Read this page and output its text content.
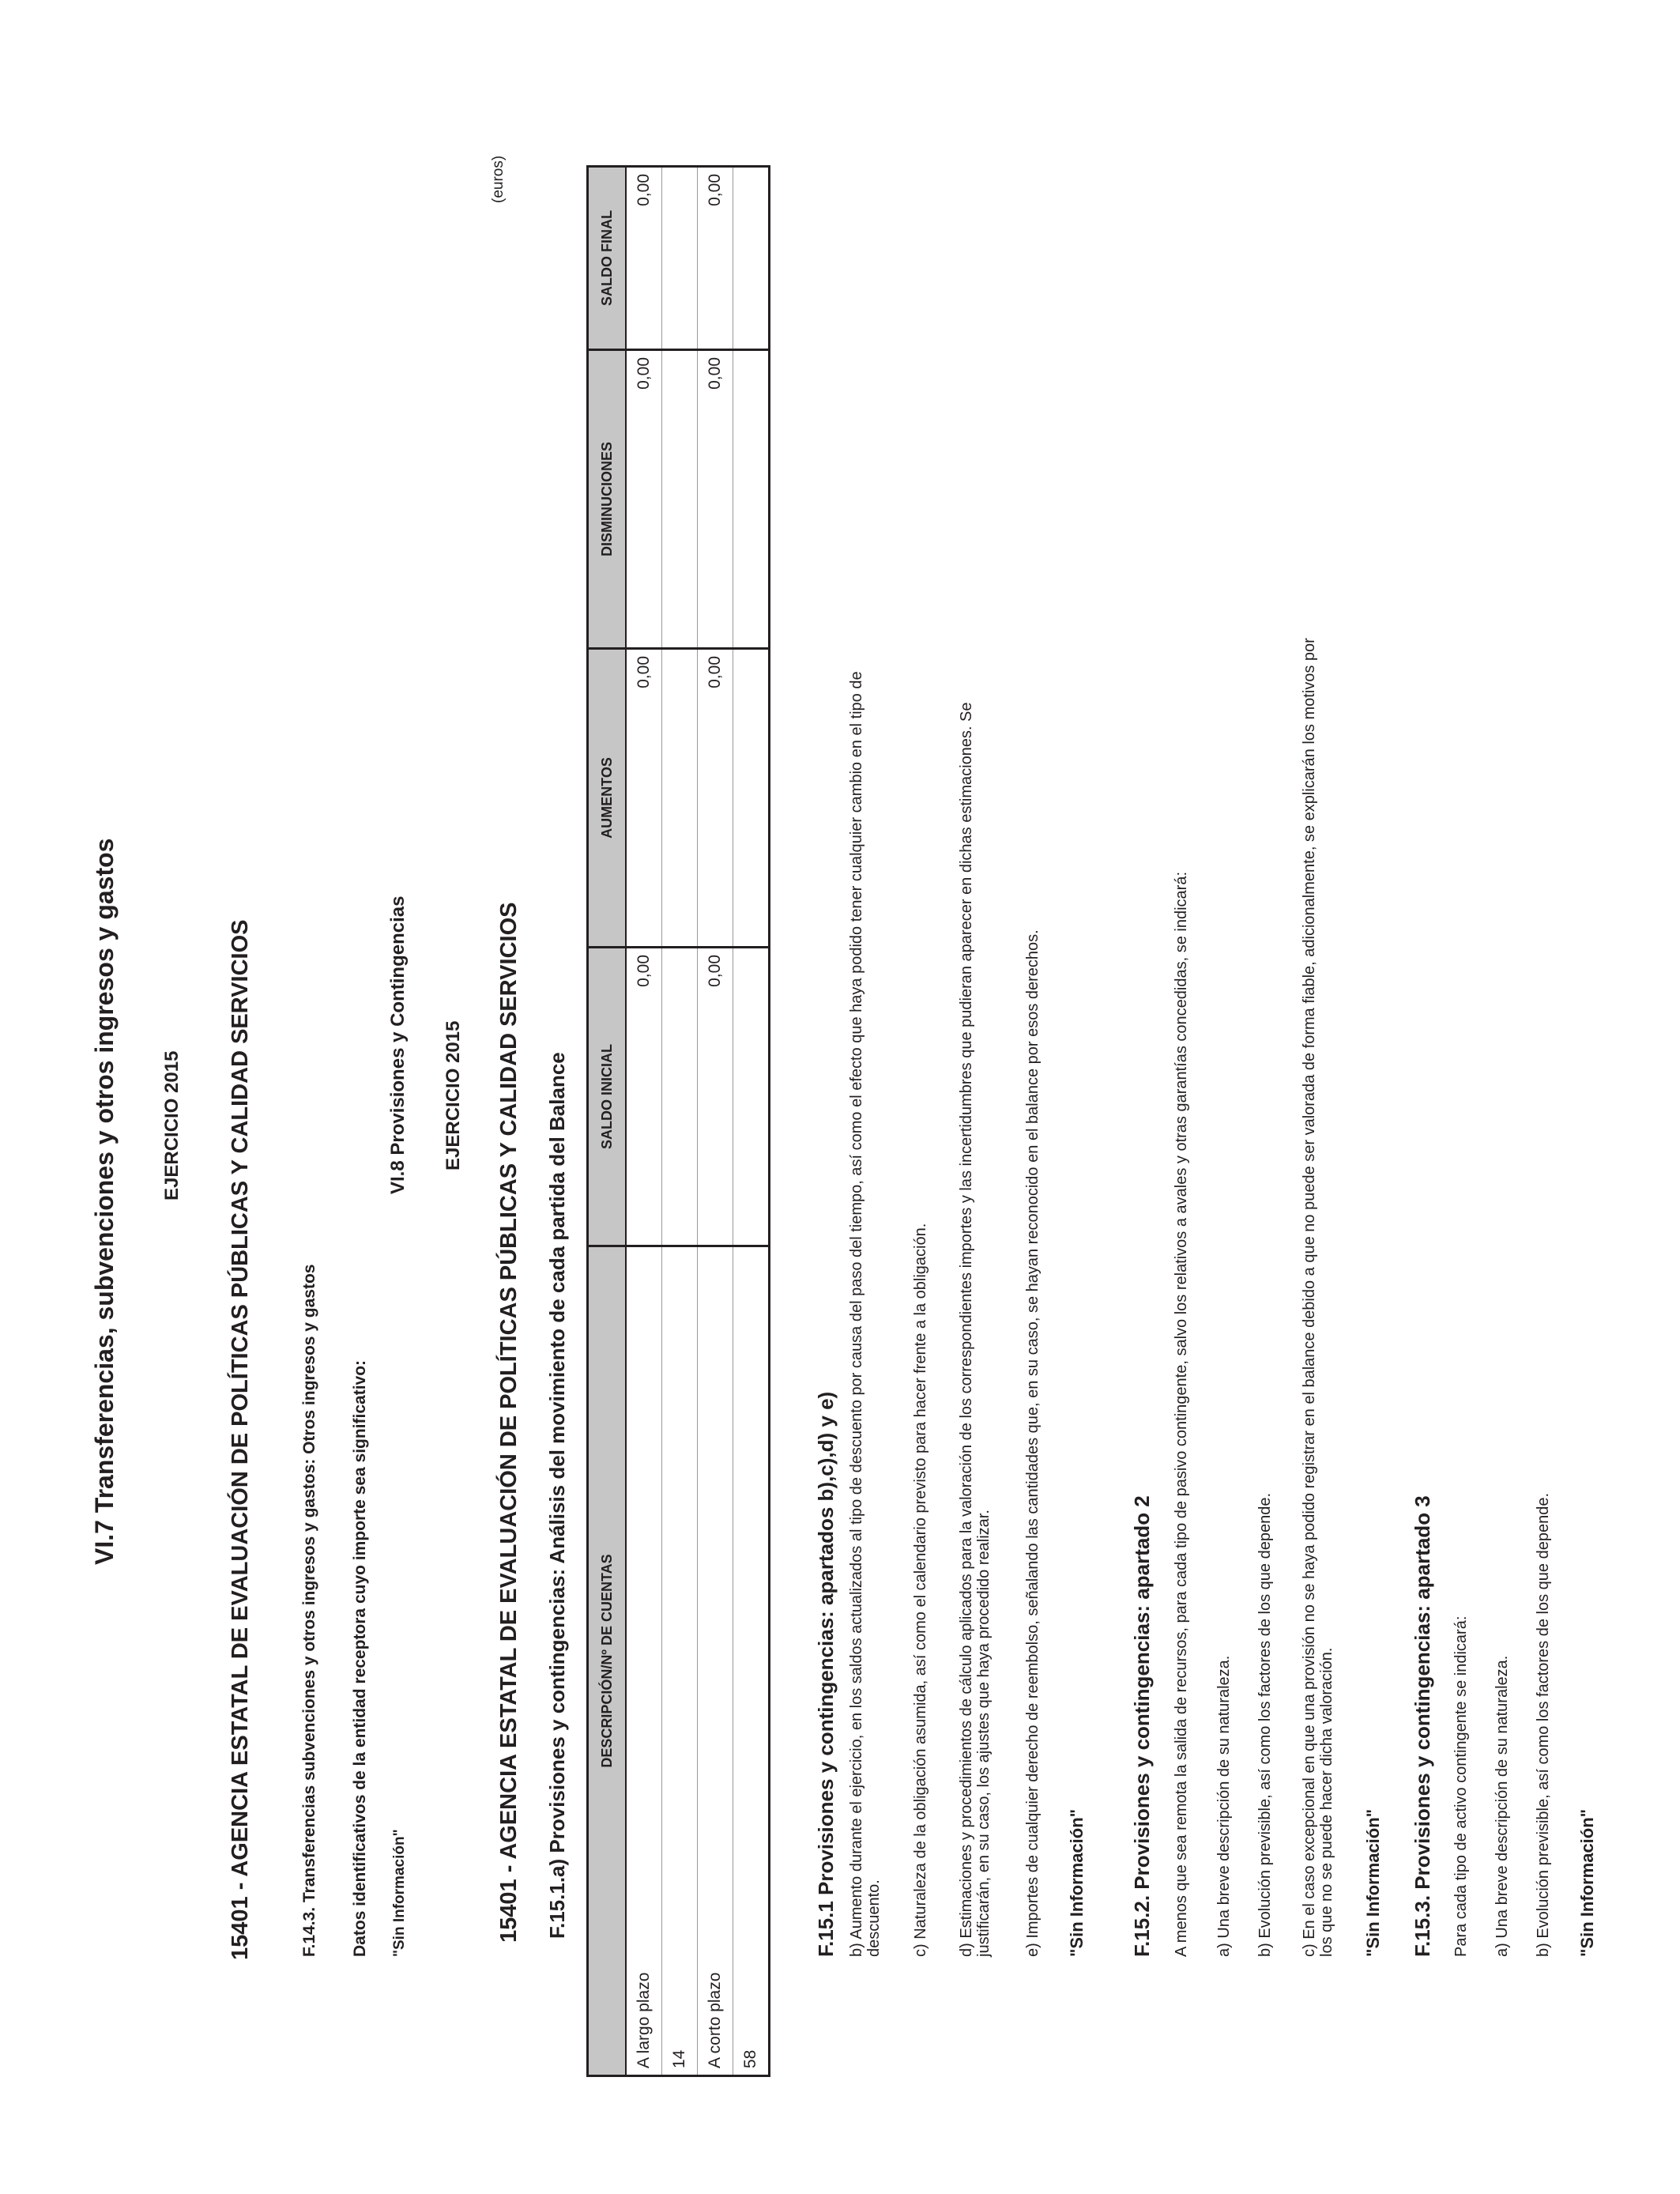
VI.7 Transferencias, subvenciones y otros ingresos y gastos EJERCICIO 2015 15401 - AGENCIA ESTATAL DE EVALUACIÓN DE POLÍTICAS PÚBLICAS Y CALIDAD SERVICIOS	F.14.3. Transferencias subvenciones y otros ingresos y gastos: Otros ingresos y gastos Datos identificativos de la entidad receptora cuyo importe sea significativo: "Sin Información"
VI.8 Provisiones y Contingencias EJERCICIO 2015 15401 - AGENCIA ESTATAL DE EVALUACIÓN DE POLÍTICAS PÚBLICAS Y CALIDAD SERVICIOS F.15.1.a) Provisiones y contingencias: Análisis del movimiento de cada partida del Balance
(euros)
DESCRIPCIÓN/Nº DE CUENTAS	SALDO INICIAL	AUMENTOS	DISMINUCIONES	SALDO FINAL
A largo plazo	0,00	0,00	0,00	0,00
14				
A corto plazo	0,00	0,00	0,00	0,00
58				
F.15.1 Provisiones y contingencias: apartados b),c),d) y e) b) Aumento durante el ejercicio, en los saldos actualizados al tipo de descuento por causa del paso del tiempo, así como el efecto que haya podido tener cualquier cambio en el tipo de descuento. c) Naturaleza de la obligación asumida, así como el calendario previsto para hacer frente a la obligación. d) Estimaciones y procedimientos de cálculo aplicados para la valoración de los correspondientes importes y las incertidumbres que pudieran aparecer en dichas estimaciones. Se justificarán, en su caso, los ajustes que haya procedido realizar. e) Importes de cualquier derecho de reembolso, señalando las cantidades que, en su caso, se hayan reconocido en el balance por esos derechos. "Sin Información" F.15.2. Provisiones y contingencias: apartado 2 A menos que sea remota la salida de recursos, para cada tipo de pasivo contingente, salvo los relativos a avales y otras garantías concedidas, se indicará: a) Una breve descripción de su naturaleza. b) Evolución previsible, así como los factores de los que depende. c) En el caso excepcional en que una provisión no se haya podido registrar en el balance debido a que no puede ser valorada de forma fiable, adicionalmente, se explicarán los motivos por los que no se puede hacer dicha valoración. "Sin Información" F.15.3. Provisiones y contingencias: apartado 3 Para cada tipo de activo contingente se indicará: a) Una breve descripción de su naturaleza. b) Evolución previsible, así como los factores de los que depende. "Sin Información"
